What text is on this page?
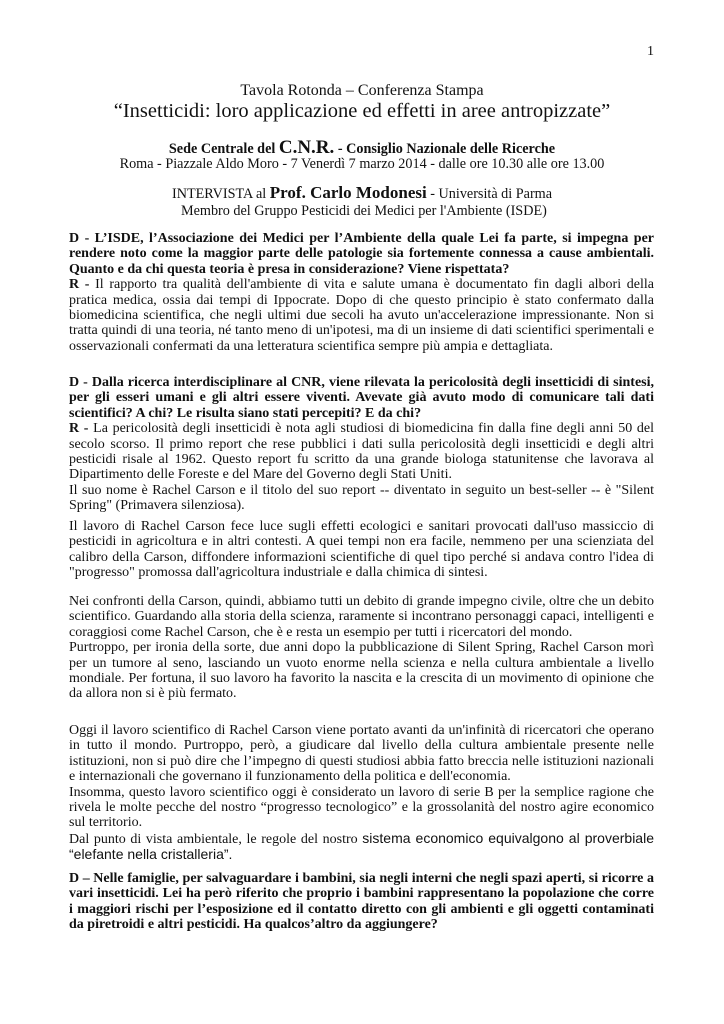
1
Tavola Rotonda – Conferenza Stampa
“Insetticidi: loro applicazione ed effetti in aree antropizzate”
Sede Centrale del C.N.R. - Consiglio Nazionale delle Ricerche
Roma - Piazzale Aldo Moro - 7 Venerdì 7 marzo 2014 - dalle ore 10.30 alle ore 13.00
INTERVISTA al Prof. Carlo Modonesi - Università di Parma
Membro del Gruppo Pesticidi dei Medici per l'Ambiente (ISDE)

D - L’ISDE, l’Associazione dei Medici per l’Ambiente della quale Lei fa parte, si impegna per rendere noto come la maggior parte delle patologie sia fortemente connessa a cause ambientali. Quanto e da chi questa teoria è presa in considerazione? Viene rispettata?

R - Il rapporto tra qualità dell'ambiente di vita e salute umana è documentato fin dagli albori della pratica medica, ossia dai tempi di Ippocrate. Dopo di che questo principio è stato confermato dalla biomedicina scientifica, che negli ultimi due secoli ha avuto un'accelerazione impressionante. Non si tratta quindi di una teoria, né tanto meno di un'ipotesi, ma di un insieme di dati scientifici sperimentali e osservazionali confermati da una letteratura scientifica sempre più ampia e dettagliata.

D - Dalla ricerca interdisciplinare al CNR, viene rilevata la pericolosità degli insetticidi di sintesi, per gli esseri umani e gli altri essere viventi. Avevate già avuto modo di comunicare tali dati scientifici? A chi? Le risulta siano stati percepiti? E da chi?

R - La pericolosità degli insetticidi è nota agli studiosi di biomedicina fin dalla fine degli anni 50 del secolo scorso. Il primo report che rese pubblici i dati sulla pericolosità degli insetticidi e degli altri pesticidi risale al 1962. Questo report fu scritto da una grande biologa statunitense che lavorava al Dipartimento delle Foreste e del Mare del Governo degli Stati Uniti.

Il suo nome è Rachel Carson e il titolo del suo report -- diventato in seguito un best-seller -- è "Silent Spring" (Primavera silenziosa).

Il lavoro di Rachel Carson fece luce sugli effetti ecologici e sanitari provocati dall'uso massiccio di pesticidi in agricoltura e in altri contesti. A quei tempi non era facile, nemmeno per una scienziata del calibro della Carson, diffondere informazioni scientifiche di quel tipo perché si andava contro l'idea di "progresso" promossa dall'agricoltura industriale e dalla chimica di sintesi.

Nei confronti della Carson, quindi, abbiamo tutti un debito di grande impegno civile, oltre che un debito scientifico. Guardando alla storia della scienza, raramente si incontrano personaggi capaci, intelligenti e coraggiosi come Rachel Carson, che è e resta un esempio per tutti i ricercatori del mondo.

Purtroppo, per ironia della sorte, due anni dopo la pubblicazione di Silent Spring, Rachel Carson morì per un tumore al seno, lasciando un vuoto enorme nella scienza e nella cultura ambientale a livello mondiale. Per fortuna, il suo lavoro ha favorito la nascita e la crescita di un movimento di opinione che da allora non si è più fermato.

Oggi il lavoro scientifico di Rachel Carson viene portato avanti da un'infinità di ricercatori che operano in tutto il mondo. Purtroppo, però, a giudicare dal livello della cultura ambientale presente nelle istituzioni, non si può dire che l’impegno di questi studiosi abbia fatto breccia nelle istituzioni nazionali e internazionali che governano il funzionamento della politica e dell'economia.

Insomma, questo lavoro scientifico oggi è considerato un lavoro di serie B per la semplice ragione che rivela le molte pecche del nostro “progresso tecnologico” e la grossolanità del nostro agire economico sul territorio.

Dal punto di vista ambientale, le regole del nostro sistema economico equivalgono al proverbiale “elefante nella cristalleria”.

D – Nelle famiglie, per salvaguardare i bambini, sia negli interni che negli spazi aperti, si ricorre a vari insetticidi. Lei ha però riferito che proprio i bambini rappresentano la popolazione che corre i maggiori rischi per l’esposizione ed il contatto diretto con gli ambienti e gli oggetti contaminati da piretroidi e altri pesticidi. Ha qualcos’altro da aggiungere?
